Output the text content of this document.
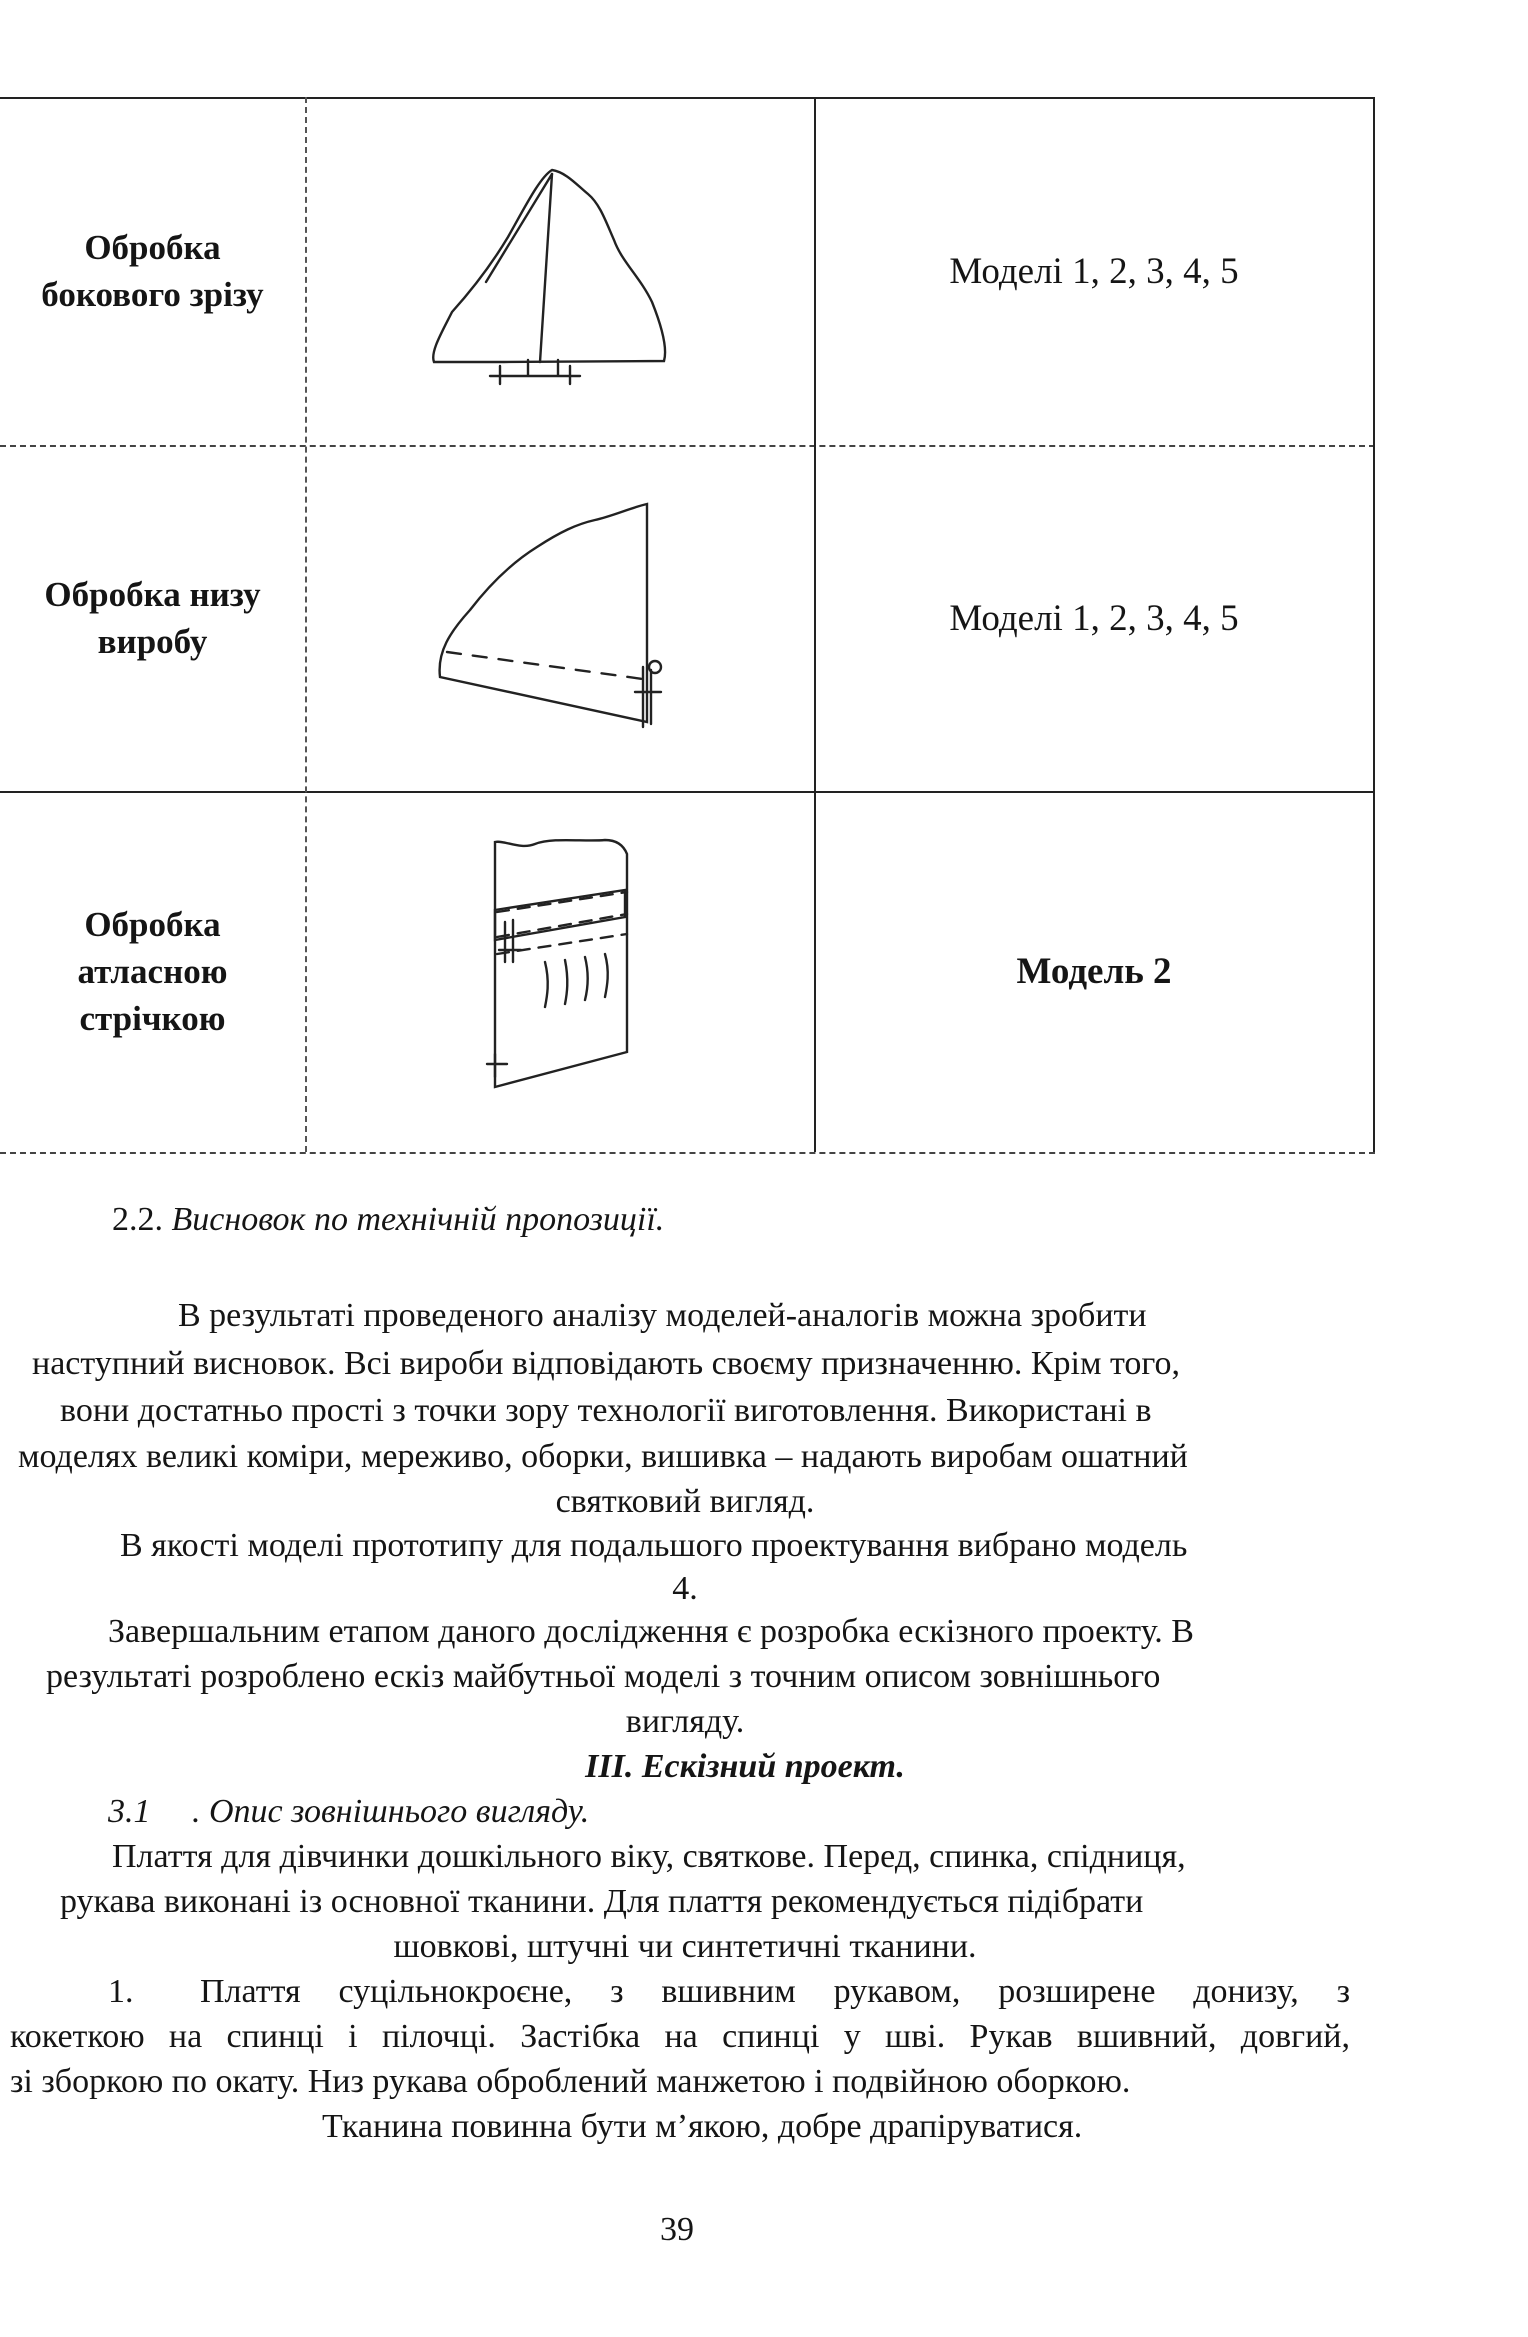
Обробка
бокового зрізу
Моделі 1, 2, 3, 4, 5
Обробка низу
виробу
Моделі 1, 2, 3, 4, 5
Обробка
атласною
стрічкою
Модель 2
2.2. Висновок по технічній пропозиції.
В результаті проведеного аналізу моделей-аналогів можна зробити
наступний висновок. Всі вироби відповідають своєму призначенню. Крім того,
вони достатньо прості з точки зору технології виготовлення. Використані в
моделях великі коміри, мереживо, оборки, вишивка – надають виробам ошатний
святковий вигляд.
В якості моделі прототипу для подальшого проектування вибрано модель
4.
Завершальним етапом даного дослідження є розробка ескізного проекту. В
результаті розроблено ескіз майбутньої моделі з точним описом зовнішнього
вигляду.
III. Ескізний проект.
3.1 . Опис зовнішнього вигляду.
Плаття для дівчинки дошкільного віку, святкове. Перед, спинка, спідниця,
рукава виконані із основної тканини. Для плаття рекомендується підібрати
шовкові, штучні чи синтетичні тканини.
1. Плаття суцільнокроєне, з вшивним рукавом, розширене донизу, з
кокеткою на спинці і пілочці. Застібка на спинці у шві. Рукав вшивний, довгий,
зі зборкою по окату. Низ рукава оброблений манжетою і подвійною оборкою.
Тканина повинна бути м’якою, добре драпіруватися.
39
